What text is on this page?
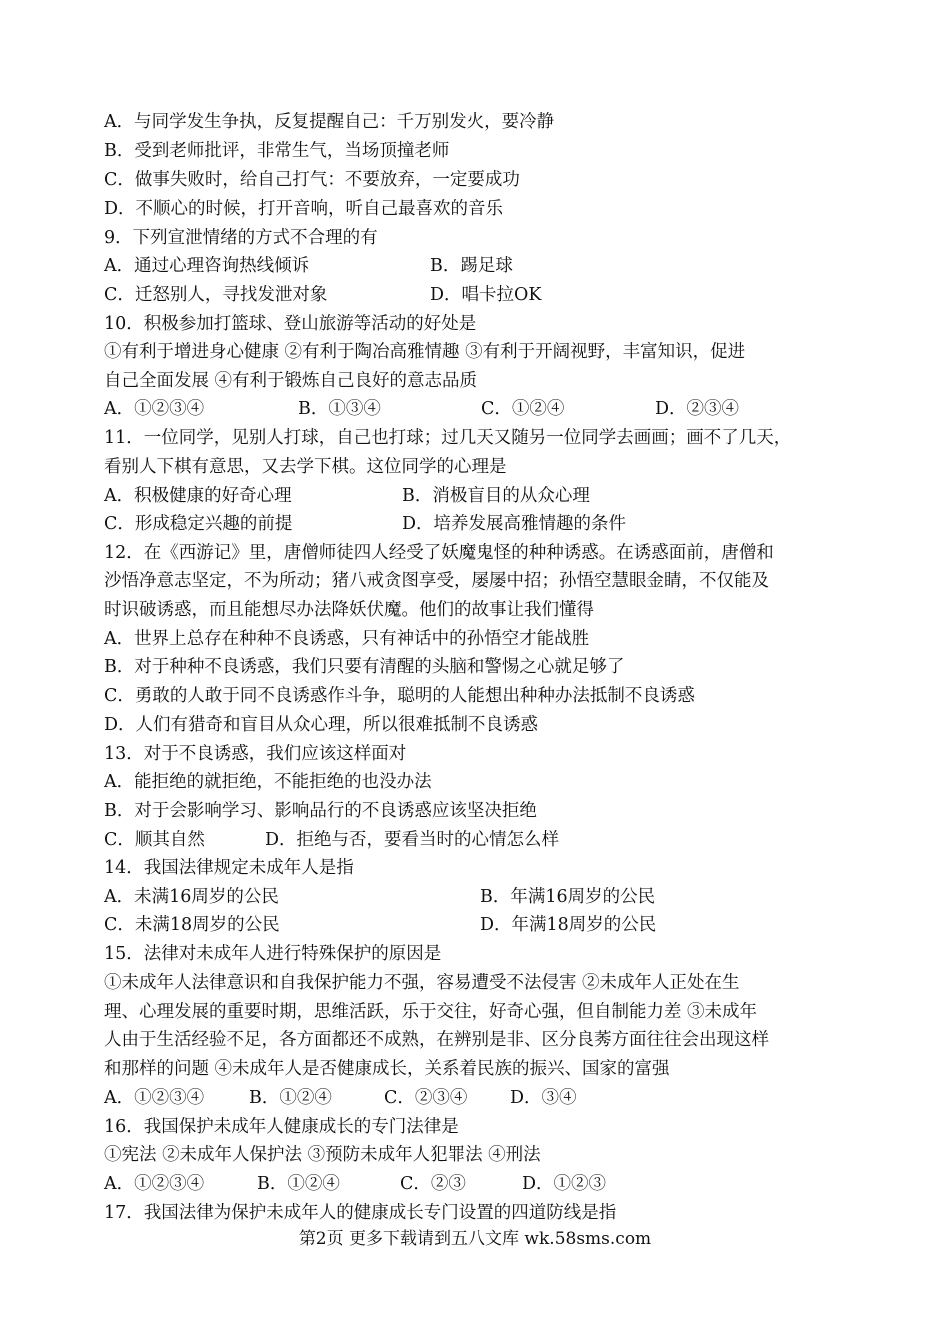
A．与同学发生争执，反复提醒自己：千万别发火，要冷静
B．受到老师批评，非常生气，当场顶撞老师
C．做事失败时，给自己打气：不要放弃，一定要成功
D．不顺心的时候，打开音响，听自己最喜欢的音乐
9．下列宣泄情绪的方式不合理的有
A．通过心理咨询热线倾诉	B．踢足球
C．迁怒别人，寻找发泄对象	D．唱卡拉OK
10．积极参加打篮球、登山旅游等活动的好处是
①有利于增进身心健康 ②有利于陶冶高雅情趣 ③有利于开阔视野，丰富知识，促进
自己全面发展 ④有利于锻炼自己良好的意志品质
A．①②③④	B．①③④	C．①②④	D．②③④
11．一位同学，见别人打球，自己也打球；过几天又随另一位同学去画画；画不了几天，
看别人下棋有意思，又去学下棋。这位同学的心理是
A．积极健康的好奇心理	B．消极盲目的从众心理
C．形成稳定兴趣的前提	D．培养发展高雅情趣的条件
12．在《西游记》里，唐僧师徒四人经受了妖魔鬼怪的种种诱惑。在诱惑面前，唐僧和
沙悟净意志坚定，不为所动；猪八戒贪图享受，屡屡中招；孙悟空慧眼金睛，不仅能及
时识破诱惑，而且能想尽办法降妖伏魔。他们的故事让我们懂得
A．世界上总存在种种不良诱惑，只有神话中的孙悟空才能战胜
B．对于种种不良诱惑，我们只要有清醒的头脑和警惕之心就足够了
C．勇敢的人敢于同不良诱惑作斗争，聪明的人能想出种种办法抵制不良诱惑
D．人们有猎奇和盲目从众心理，所以很难抵制不良诱惑
13．对于不良诱惑，我们应该这样面对
A．能拒绝的就拒绝，不能拒绝的也没办法
B．对于会影响学习、影响品行的不良诱惑应该坚决拒绝
C．顺其自然	D．拒绝与否，要看当时的心情怎么样
14．我国法律规定未成年人是指
A．未满16周岁的公民	B．年满16周岁的公民
C．未满18周岁的公民	D．年满18周岁的公民
15．法律对未成年人进行特殊保护的原因是
①未成年人法律意识和自我保护能力不强，容易遭受不法侵害 ②未成年人正处在生
理、心理发展的重要时期，思维活跃，乐于交往，好奇心强，但自制能力差 ③未成年
人由于生活经验不足，各方面都还不成熟，在辨别是非、区分良莠方面往往会出现这样
和那样的问题 ④未成年人是否健康成长，关系着民族的振兴、国家的富强
A．①②③④	B．①②④	C．②③④ D．③④
16．我国保护未成年人健康成长的专门法律是
①宪法 ②未成年人保护法 ③预防未成年人犯罪法 ④刑法
A．①②③④	B．①②④	C．②③	D．①②③
17．我国法律为保护未成年人的健康成长专门设置的四道防线是指
第2页 更多下载请到五八文库 wk.58sms.com
